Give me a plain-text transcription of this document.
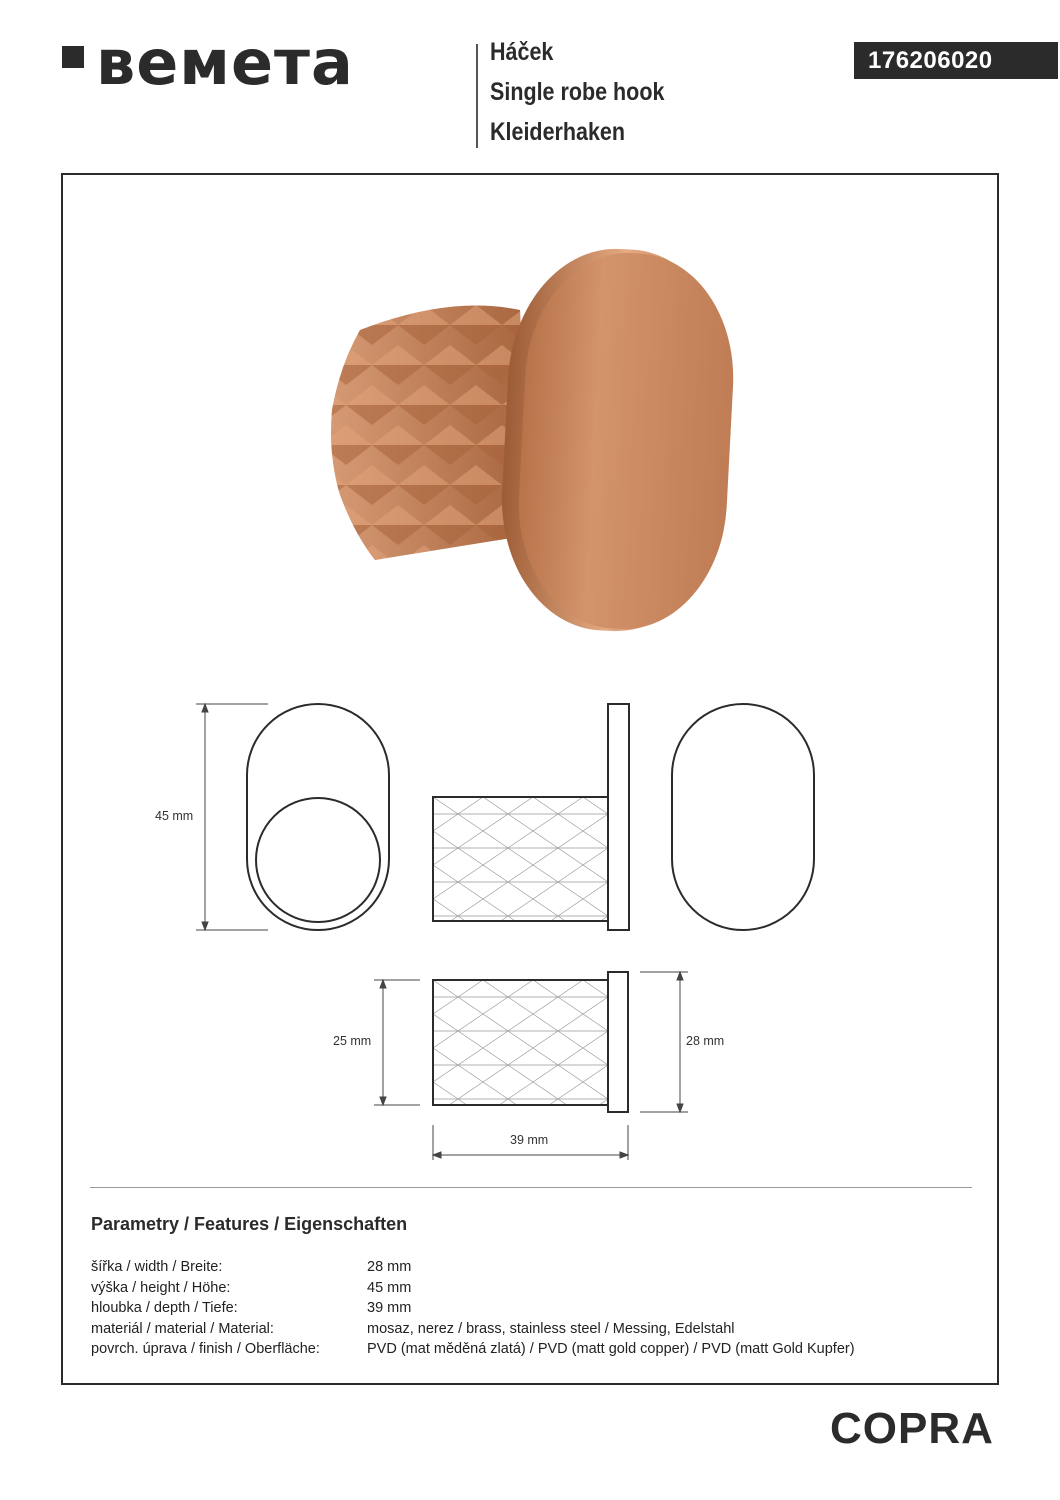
ʙeмeтa	Háček
Single robe hook
Kleiderhaken
176206020
45 mm
25 mm	28 mm
39 mm
Parametry / Features / Eigenschaften
šířka / width / Breite:	28 mm
výška / height / Höhe:	45 mm
hloubka / depth / Tiefe:	39 mm
materiál / material / Material:	mosaz, nerez / brass, stainless steel / Messing, Edelstahl
povrch. úprava / finish / Oberfläche:	PVD (mat měděná zlatá) / PVD (matt gold copper) / PVD (matt Gold Kupfer)
COPRA
